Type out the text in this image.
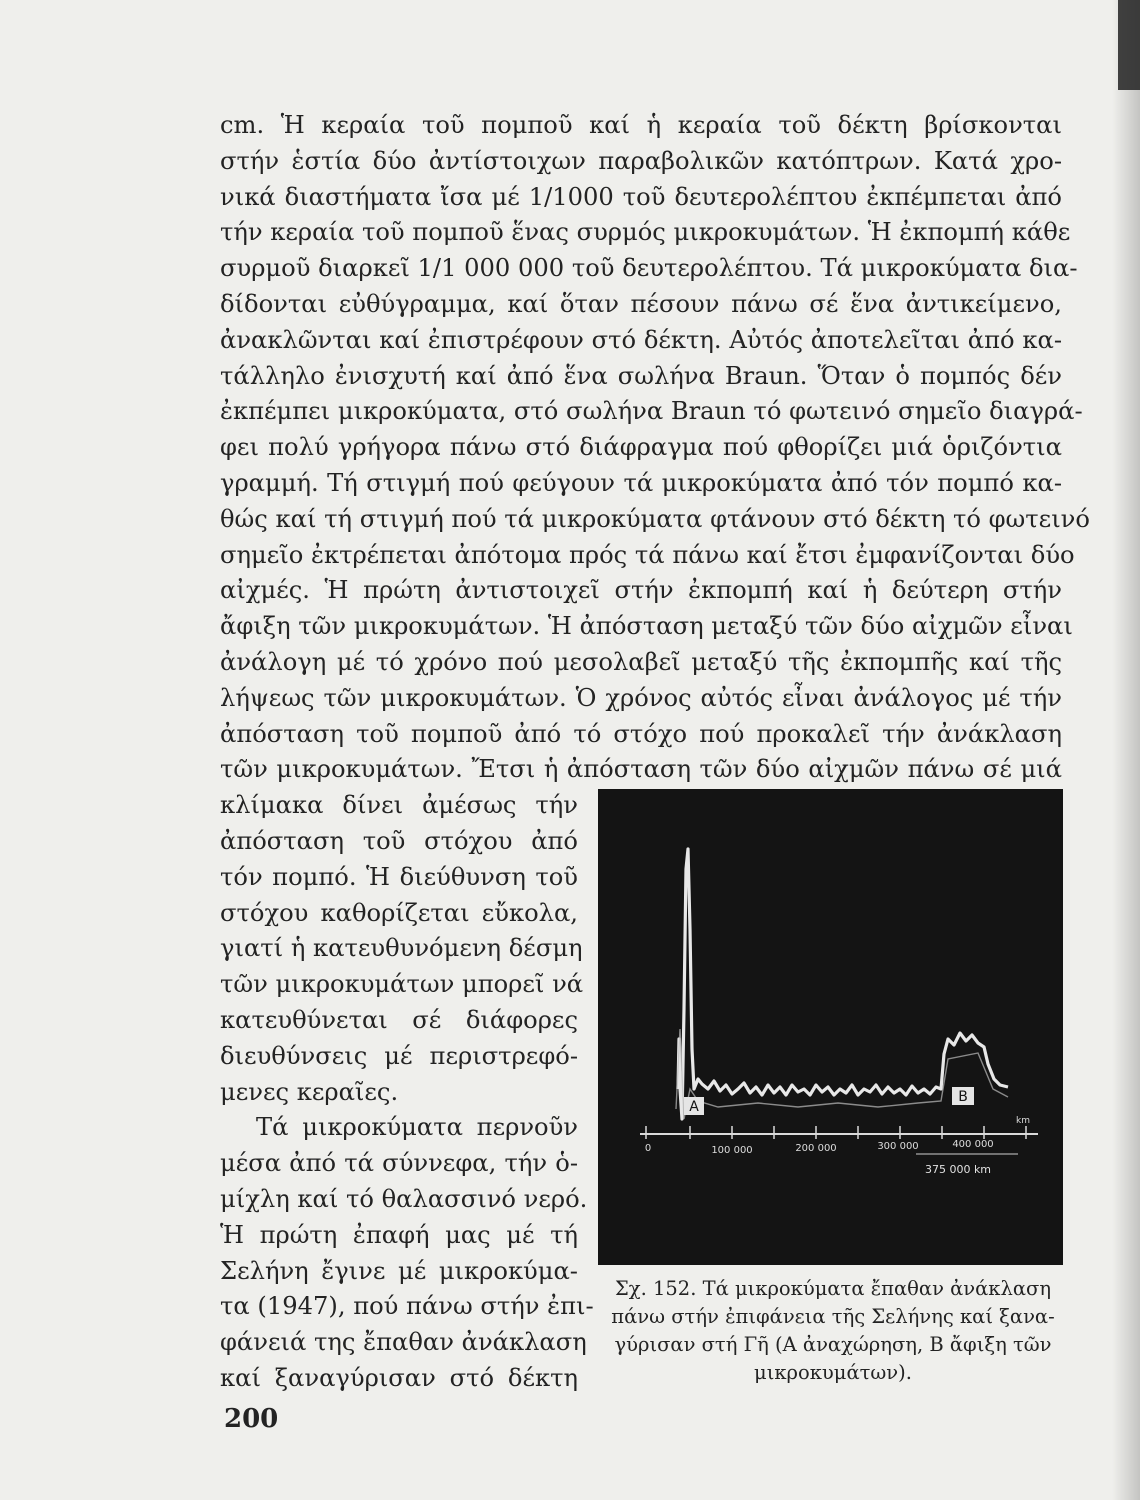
cm. Ἡ κεραία τοῦ πομποῦ καί ἡ κεραία τοῦ δέκτη βρίσκονται
στήν ἑστία δύο ἀντίστοιχων παραβολικῶν κατόπτρων. Κατά χρο-
νικά διαστήματα ἴσα μέ 1/1000 τοῦ δευτερολέπτου ἐκπέμπεται ἀπό
τήν κεραία τοῦ πομποῦ ἕνας συρμός μικροκυμάτων. Ἡ ἐκπομπή κάθε
συρμοῦ διαρκεῖ 1/1 000 000 τοῦ δευτερολέπτου. Τά μικροκύματα δια-
δίδονται εὐθύγραμμα, καί ὅταν πέσουν πάνω σέ ἕνα ἀντικείμενο,
ἀνακλῶνται καί ἐπιστρέφουν στό δέκτη. Αὐτός ἀποτελεῖται ἀπό κα-
τάλληλο ἐνισχυτή καί ἀπό ἕνα σωλήνα Braun. Ὅταν ὁ πομπός δέν
ἐκπέμπει μικροκύματα, στό σωλήνα Braun τό φωτεινό σημεῖο διαγρά-
φει πολύ γρήγορα πάνω στό διάφραγμα πού φθορίζει μιά ὁριζόντια
γραμμή. Τή στιγμή πού φεύγουν τά μικροκύματα ἀπό τόν πομπό κα-
θώς καί τή στιγμή πού τά μικροκύματα φτάνουν στό δέκτη τό φωτεινό
σημεῖο ἐκτρέπεται ἀπότομα πρός τά πάνω καί ἔτσι ἐμφανίζονται δύο
αἰχμές. Ἡ πρώτη ἀντιστοιχεῖ στήν ἐκπομπή καί ἡ δεύτερη στήν
ἄφιξη τῶν μικροκυμάτων. Ἡ ἀπόσταση μεταξύ τῶν δύο αἰχμῶν εἶναι
ἀνάλογη μέ τό χρόνο πού μεσολαβεῖ μεταξύ τῆς ἐκπομπῆς καί τῆς
λήψεως τῶν μικροκυμάτων. Ὁ χρόνος αὐτός εἶναι ἀνάλογος μέ τήν
ἀπόσταση τοῦ πομποῦ ἀπό τό στόχο πού προκαλεῖ τήν ἀνάκλαση
τῶν μικροκυμάτων. Ἔτσι ἡ ἀπόσταση τῶν δύο αἰχμῶν πάνω σέ μιά
κλίμακα δίνει ἀμέσως τήν
ἀπόσταση τοῦ στόχου ἀπό
τόν πομπό. Ἡ διεύθυνση τοῦ
στόχου καθορίζεται εὔκολα,
γιατί ἡ κατευθυνόμενη δέσμη
τῶν μικροκυμάτων μπορεῖ νά
κατευθύνεται σέ διάφορες
διευθύνσεις μέ περιστρεφό-
μενες κεραῖες.
Τά μικροκύματα περνοῦν
μέσα ἀπό τά σύννεφα, τήν ὁ-
μίχλη καί τό θαλασσινό νερό.
Ἡ πρώτη ἐπαφή μας μέ τή
Σελήνη ἔγινε μέ μικροκύμα-
τα (1947), πού πάνω στήν ἐπι-
φάνειά της ἔπαθαν ἀνάκλαση
καί ξαναγύρισαν στό δέκτη
A
B
0	100 000	200 000	300 000	400 000
km
375 000 km
Σχ. 152. Τά μικροκύματα ἔπαθαν ἀνάκλαση
πάνω στήν ἐπιφάνεια τῆς Σελήνης καί ξανα-
γύρισαν στή Γῆ (Α ἀναχώρηση, Β ἄφιξη τῶν
μικροκυμάτων).
200
